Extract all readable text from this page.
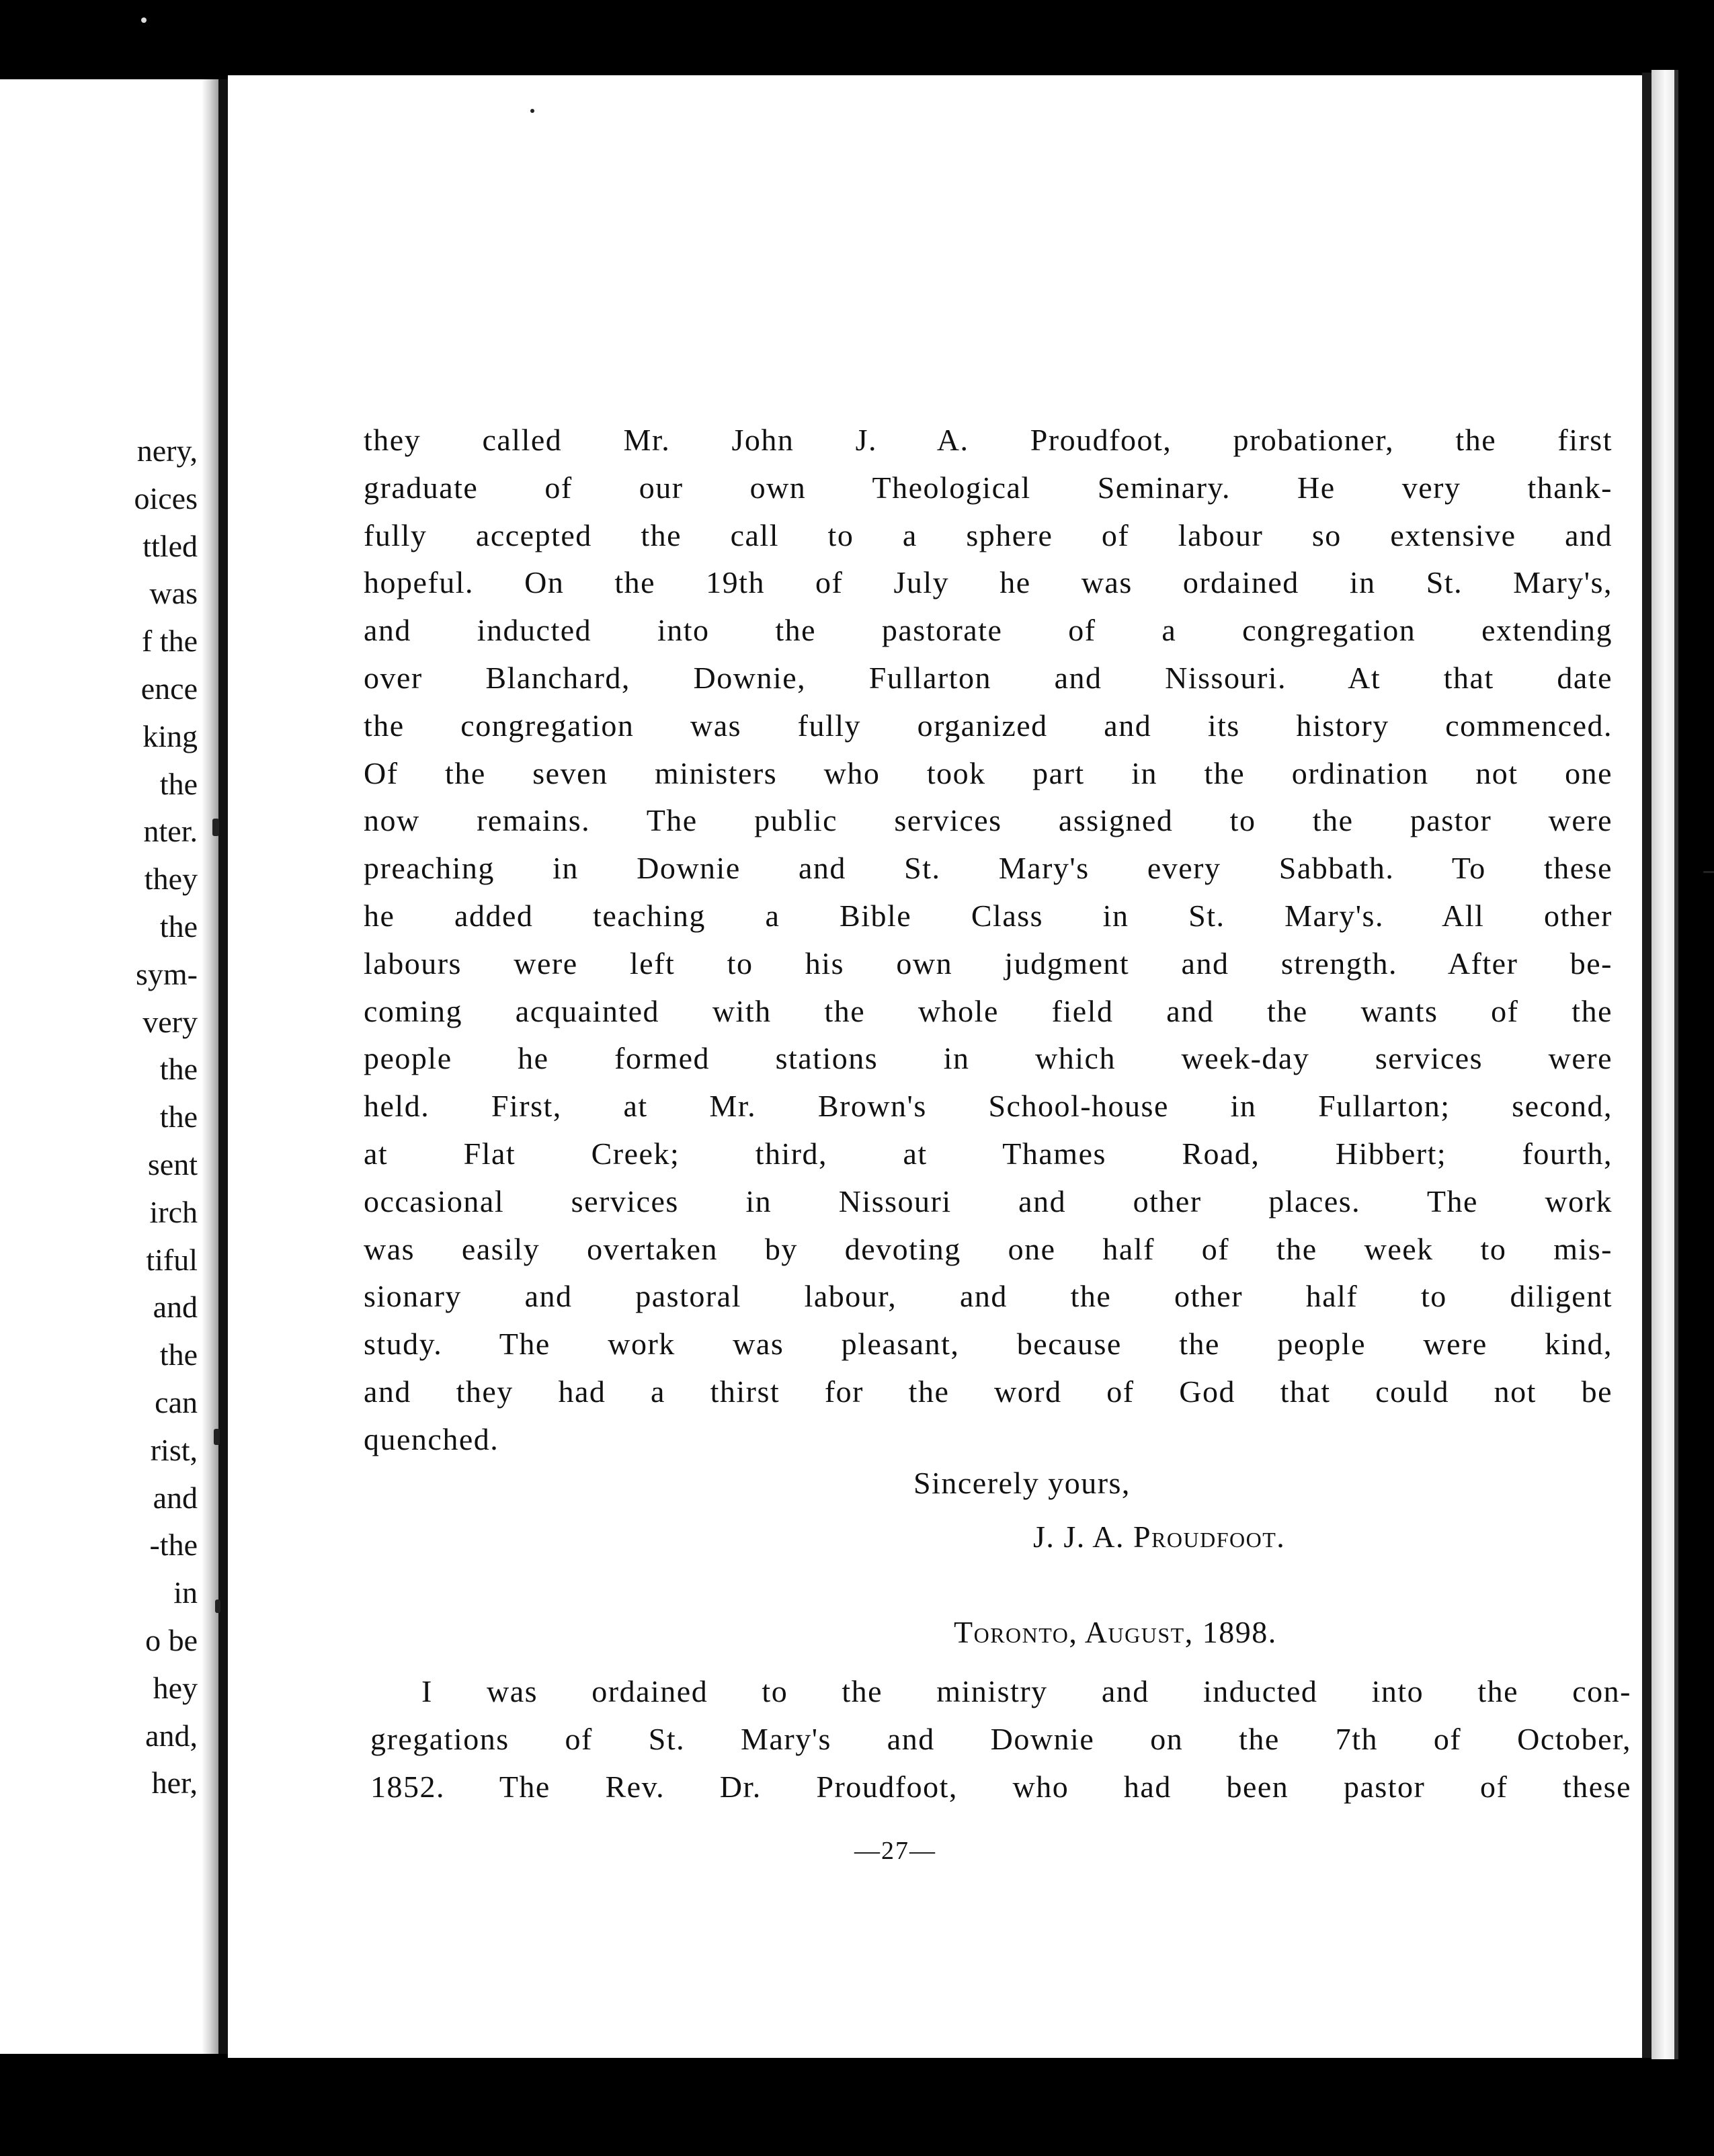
nery,
oices
ttled
was
f the
ence
king
the
nter.
they
the
sym-
very
the
the
sent
irch
tiful
and
the
can
rist,
and
-the
in
o be
hey
and,
her,
they called Mr. John J. A. Proudfoot, probationer, the first
graduate of our own Theological Seminary. He very thank-
fully accepted the call to a sphere of labour so extensive and
hopeful. On the 19th of July he was ordained in St. Mary's,
and inducted into the pastorate of a congregation extending
over Blanchard, Downie, Fullarton and Nissouri. At that date
the congregation was fully organized and its history commenced.
Of the seven ministers who took part in the ordination not one
now remains. The public services assigned to the pastor were
preaching in Downie and St. Mary's every Sabbath. To these
he added teaching a Bible Class in St. Mary's. All other
labours were left to his own judgment and strength. After be-
coming acquainted with the whole field and the wants of the
people he formed stations in which week-day services were
held. First, at Mr. Brown's School-house in Fullarton; second,
at Flat Creek; third, at Thames Road, Hibbert; fourth,
occasional services in Nissouri and other places. The work
was easily overtaken by devoting one half of the week to mis-
sionary and pastoral labour, and the other half to diligent
study. The work was pleasant, because the people were kind,
and they had a thirst for the word of God that could not be
quenched.
Sincerely yours,
J. J. A. Proudfoot.
Toronto, August, 1898.
I was ordained to the ministry and inducted into the con-
gregations of St. Mary's and Downie on the 7th of October,
1852. The Rev. Dr. Proudfoot, who had been pastor of these
—27—
